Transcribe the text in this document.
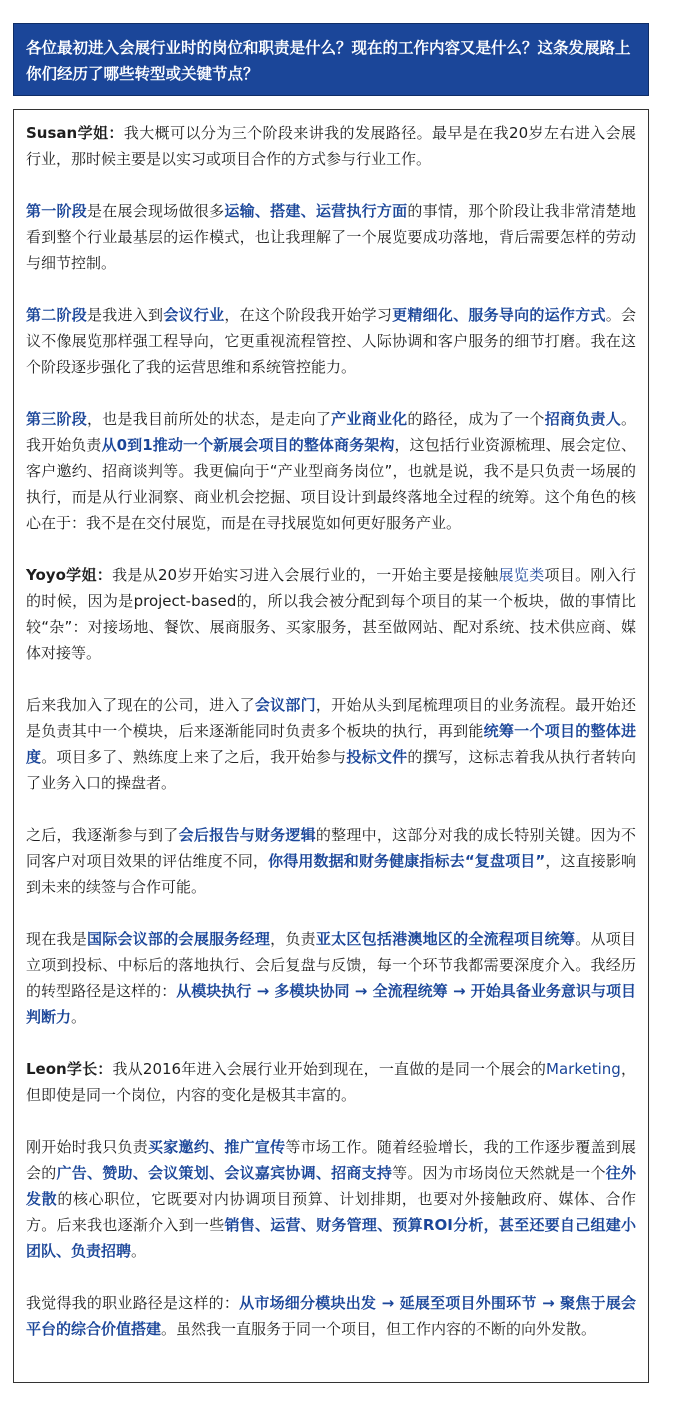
各位最初进入会展行业时的岗位和职责是什么？现在的工作内容又是什么？这条发展路上你们经历了哪些转型或关键节点？

Susan学姐：我大概可以分为三个阶段来讲我的发展路径。最早是在我20岁左右进入会展行业，那时候主要是以实习或项目合作的方式参与行业工作。

第一阶段是在展会现场做很多运输、搭建、运营执行方面的事情，那个阶段让我非常清楚地看到整个行业最基层的运作模式，也让我理解了一个展览要成功落地，背后需要怎样的劳动与细节控制。

第二阶段是我进入到会议行业，在这个阶段我开始学习更精细化、服务导向的运作方式。会议不像展览那样强工程导向，它更重视流程管控、人际协调和客户服务的细节打磨。我在这个阶段逐步强化了我的运营思维和系统管控能力。

第三阶段，也是我目前所处的状态，是走向了产业商业化的路径，成为了一个招商负责人。我开始负责从0到1推动一个新展会项目的整体商务架构，这包括行业资源梳理、展会定位、客户邀约、招商谈判等。我更偏向于“产业型商务岗位”，也就是说，我不是只负责一场展的执行，而是从行业洞察、商业机会挖掘、项目设计到最终落地全过程的统筹。这个角色的核心在于：我不是在交付展览，而是在寻找展览如何更好服务产业。

Yoyo学姐：我是从20岁开始实习进入会展行业的，一开始主要是接触展览类项目。刚入行的时候，因为是project-based的，所以我会被分配到每个项目的某一个板块，做的事情比较“杂”：对接场地、餐饮、展商服务、买家服务，甚至做网站、配对系统、技术供应商、媒体对接等。

后来我加入了现在的公司，进入了会议部门，开始从头到尾梳理项目的业务流程。最开始还是负责其中一个模块，后来逐渐能同时负责多个板块的执行，再到能统筹一个项目的整体进度。项目多了、熟练度上来了之后，我开始参与投标文件的撰写，这标志着我从执行者转向了业务入口的操盘者。

之后，我逐渐参与到了会后报告与财务逻辑的整理中，这部分对我的成长特别关键。因为不同客户对项目效果的评估维度不同，你得用数据和财务健康指标去“复盘项目”，这直接影响到未来的续签与合作可能。

现在我是国际会议部的会展服务经理，负责亚太区包括港澳地区的全流程项目统筹。从项目立项到投标、中标后的落地执行、会后复盘与反馈，每一个环节我都需要深度介入。我经历的转型路径是这样的：从模块执行 → 多模块协同 → 全流程统筹 → 开始具备业务意识与项目判断力。

Leon学长：我从2016年进入会展行业开始到现在，一直做的是同一个展会的Marketing，但即使是同一个岗位，内容的变化是极其丰富的。

刚开始时我只负责买家邀约、推广宣传等市场工作。随着经验增长，我的工作逐步覆盖到展会的广告、赞助、会议策划、会议嘉宾协调、招商支持等。因为市场岗位天然就是一个往外发散的核心职位，它既要对内协调项目预算、计划排期，也要对外接触政府、媒体、合作方。后来我也逐渐介入到一些销售、运营、财务管理、预算ROI分析，甚至还要自己组建小团队、负责招聘。

我觉得我的职业路径是这样的：从市场细分模块出发 → 延展至项目外围环节 → 聚焦于展会平台的综合价值搭建。虽然我一直服务于同一个项目，但工作内容的不断的向外发散。
